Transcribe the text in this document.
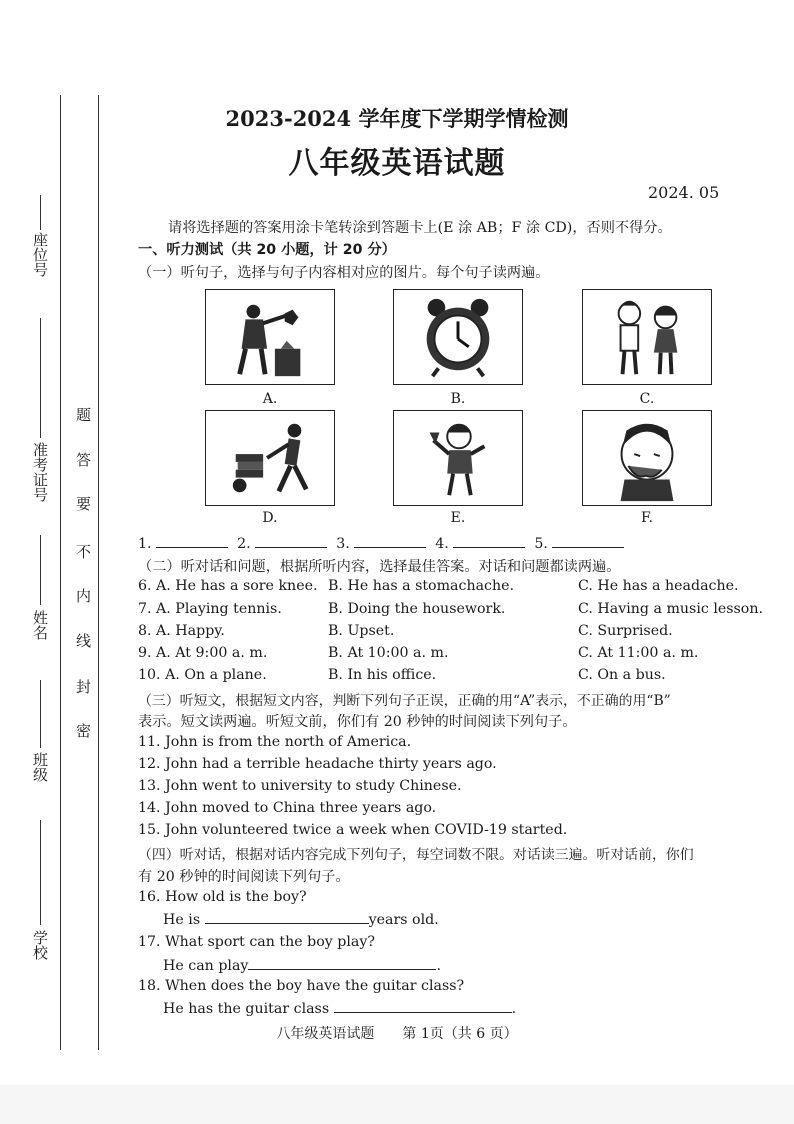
座位号
准考证号
姓名
班级
学校
题
答
要
不
内
线
封
密
2023-2024 学年度下学期学情检测
八年级英语试题
2024. 05
请将选择题的答案用涂卡笔转涂到答题卡上(E 涂 AB；F 涂 CD)，否则不得分。
一、听力测试（共 20 小题，计 20 分）
（一）听句子，选择与句子内容相对应的图片。每个句子读两遍。
A.	B.	C.
D.	E.	F.
1.	2.	3.	4.	5.
（二）听对话和问题，根据所听内容，选择最佳答案。对话和问题都读两遍。
6. A. He has a sore knee. B. He has a stomachache.	C. He has a headache.
7. A. Playing tennis.	B. Doing the housework.	C. Having a music lesson.
8. A. Happy.	B. Upset.	C. Surprised.
9. A. At 9:00 a. m.	B. At 10:00 a. m.	C. At 11:00 a. m.
10. A. On a plane.	B. In his office.	C. On a bus.
（三）听短文，根据短文内容，判断下列句子正误，正确的用“A”表示，不正确的用“B”
表示。短文读两遍。听短文前，你们有 20 秒钟的时间阅读下列句子。
11. John is from the north of America.
12. John had a terrible headache thirty years ago.
13. John went to university to study Chinese.
14. John moved to China three years ago.
15. John volunteered twice a week when COVID-19 started.
（四）听对话，根据对话内容完成下列句子，每空词数不限。对话读三遍。听对话前，你们
有 20 秒钟的时间阅读下列句子。
16. How old is the boy?
He is	years old.
17. What sport can the boy play?
He can play	.
18. When does the boy have the guitar class?
He has the guitar class	.
八年级英语试题　　第 1页（共 6 页）
